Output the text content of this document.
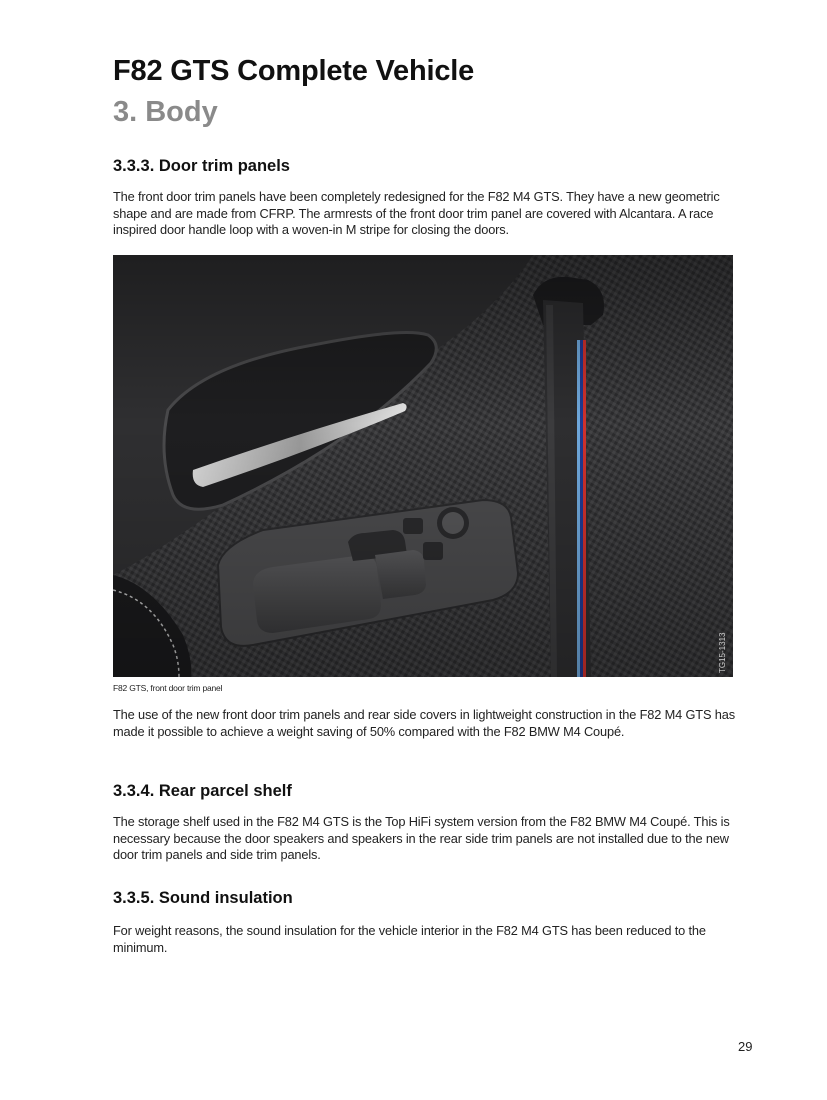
F82 GTS Complete Vehicle
3. Body
3.3.3. Door trim panels

The front door trim panels have been completely redesigned for the F82 M4 GTS. They have a new geometric shape and are made from CFRP. The armrests of the front door trim panel are covered with Alcantara. A race inspired door handle loop with a woven-in M stripe for closing the doors.

TG15-1313

F82 GTS, front door trim panel

The use of the new front door trim panels and rear side covers in lightweight construction in the F82 M4 GTS has made it possible to achieve a weight saving of 50% compared with the F82 BMW M4 Coupé.

3.3.4. Rear parcel shelf

The storage shelf used in the F82 M4 GTS is the Top HiFi system version from the F82 BMW M4 Coupé. This is necessary because the door speakers and speakers in the rear side trim panels are not installed due to the new door trim panels and side trim panels.

3.3.5. Sound insulation

For weight reasons, the sound insulation for the vehicle interior in the F82 M4 GTS has been reduced to the minimum.

29
